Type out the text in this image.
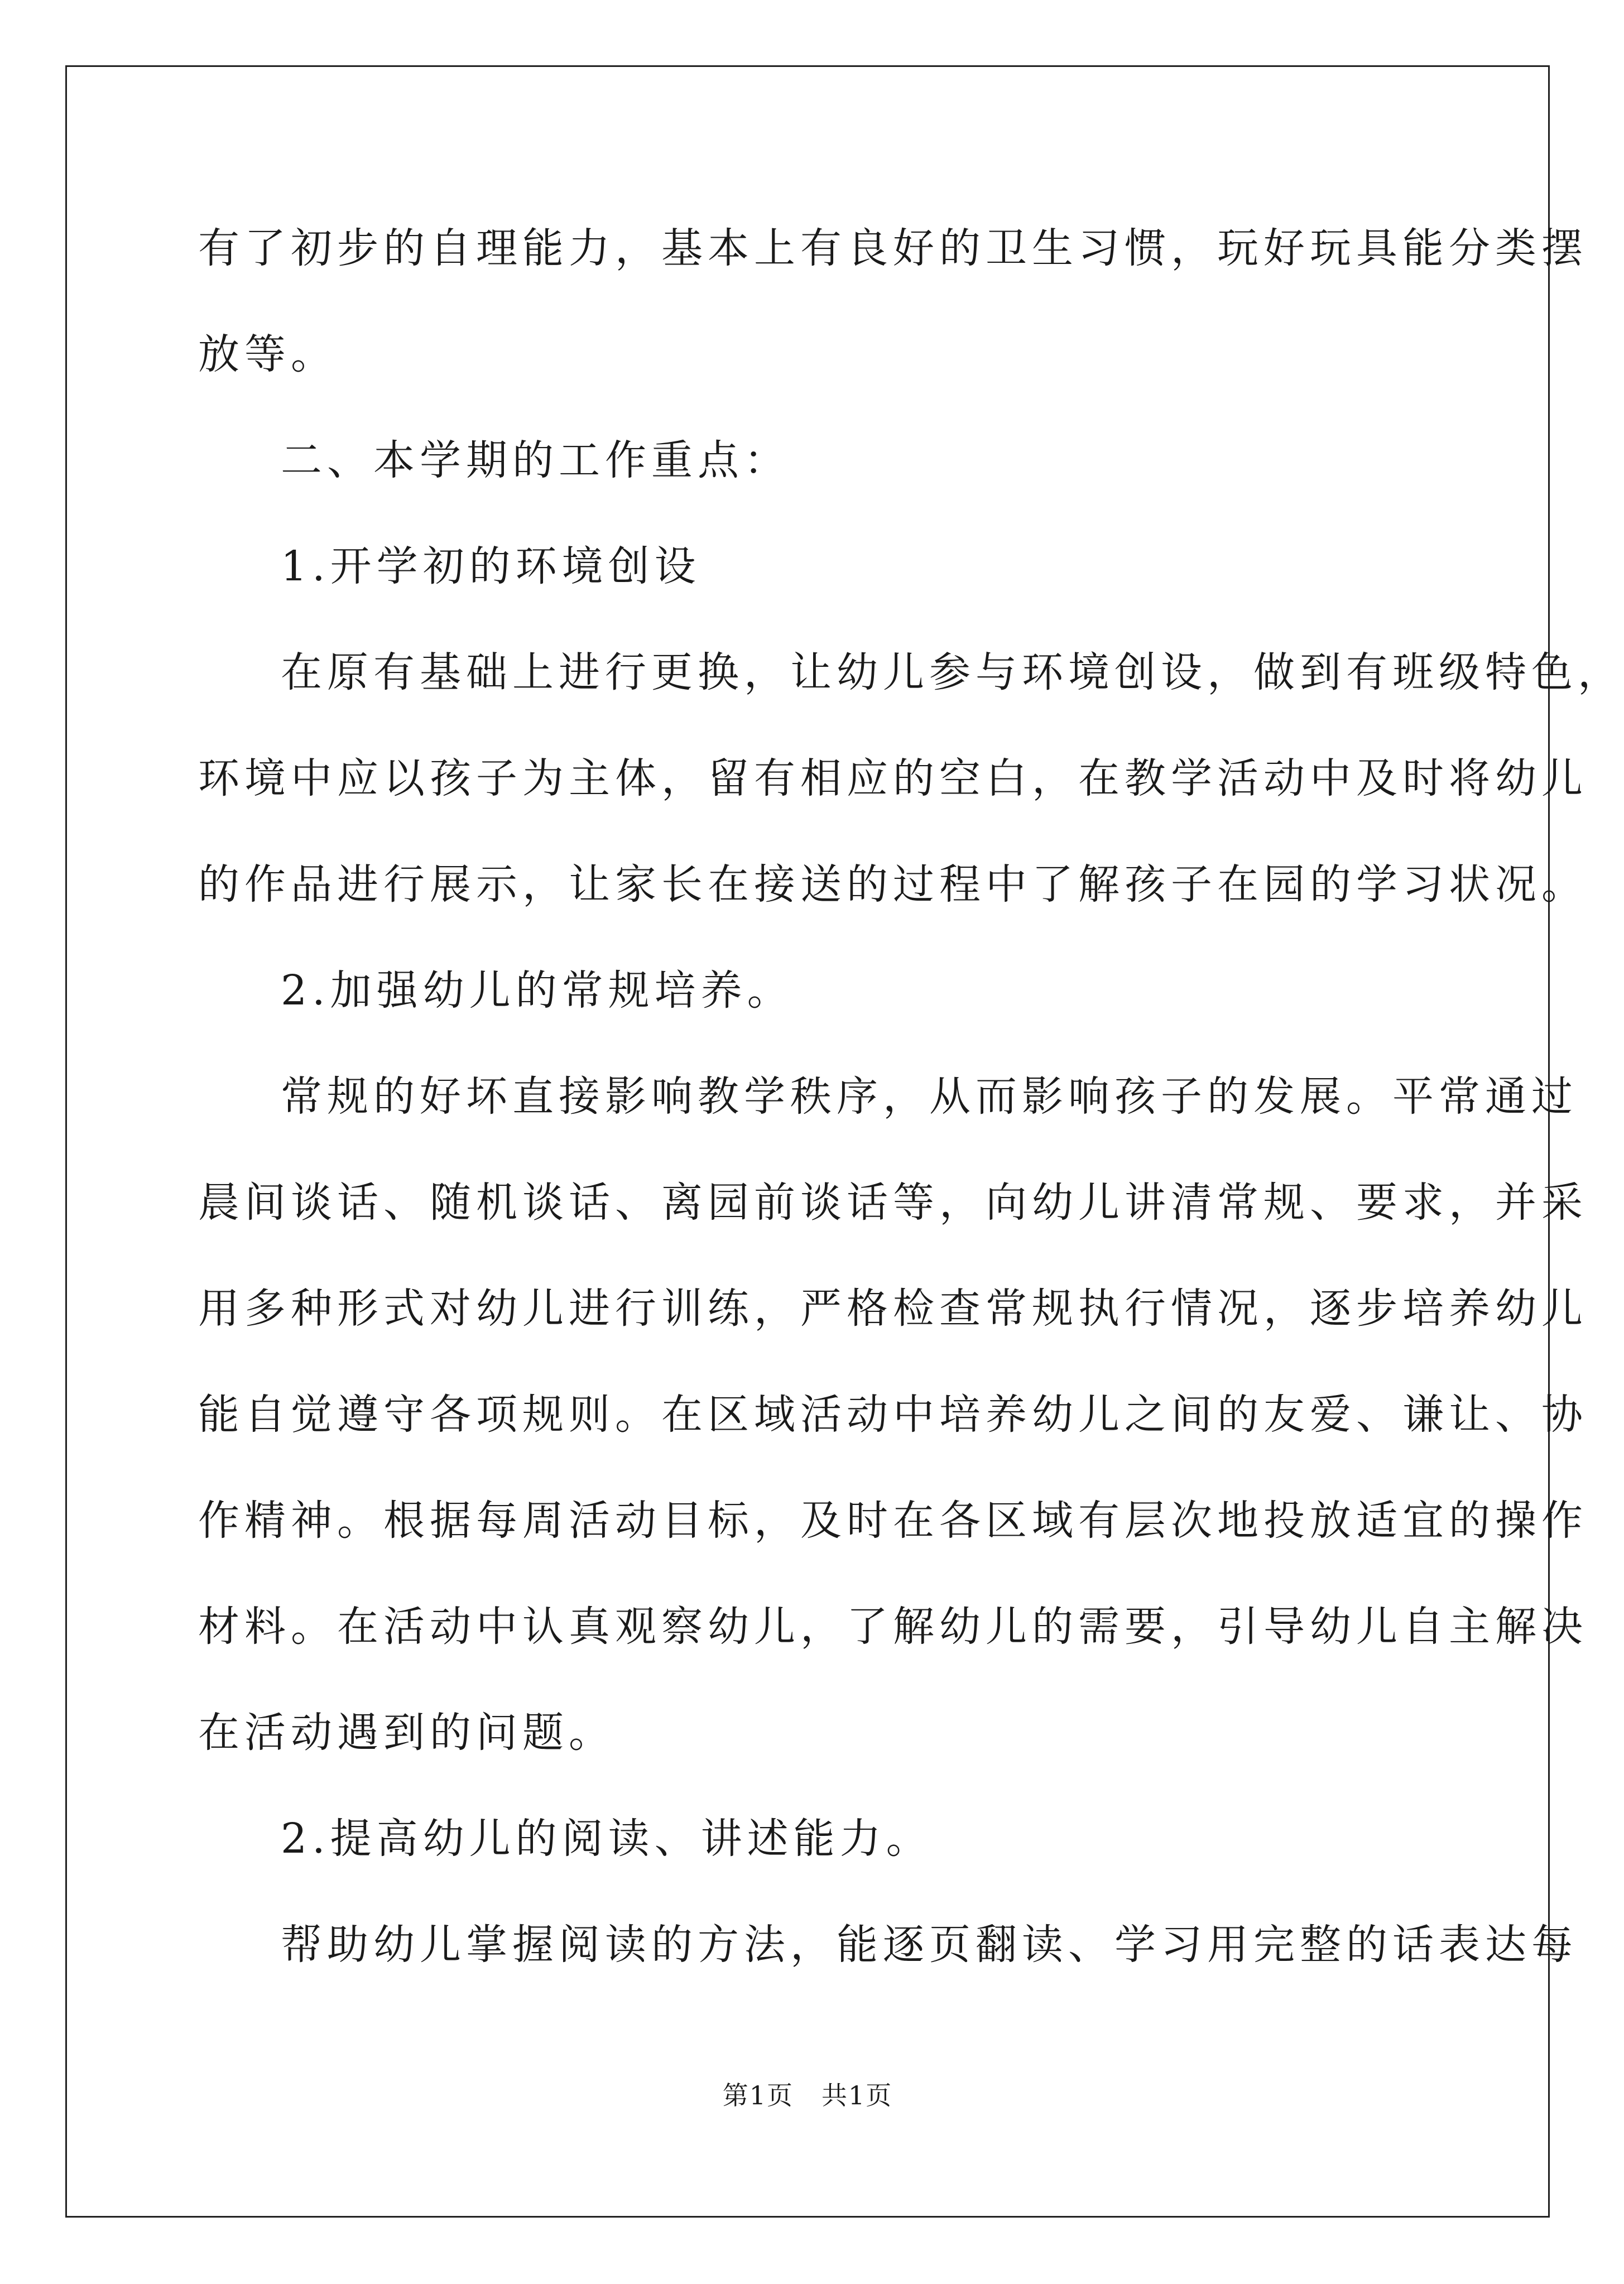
有了初步的自理能力，基本上有良好的卫生习惯，玩好玩具能分类摆
放等。
二、本学期的工作重点：
1.开学初的环境创设
在原有基础上进行更换，让幼儿参与环境创设，做到有班级特色，
环境中应以孩子为主体，留有相应的空白，在教学活动中及时将幼儿
的作品进行展示，让家长在接送的过程中了解孩子在园的学习状况。
2.加强幼儿的常规培养。
常规的好坏直接影响教学秩序，从而影响孩子的发展。平常通过
晨间谈话、随机谈话、离园前谈话等，向幼儿讲清常规、要求，并采
用多种形式对幼儿进行训练，严格检查常规执行情况，逐步培养幼儿
能自觉遵守各项规则。在区域活动中培养幼儿之间的友爱、谦让、协
作精神。根据每周活动目标，及时在各区域有层次地投放适宜的操作
材料。在活动中认真观察幼儿，了解幼儿的需要，引导幼儿自主解决
在活动遇到的问题。
2.提高幼儿的阅读、讲述能力。
帮助幼儿掌握阅读的方法，能逐页翻读、学习用完整的话表达每
第1页 共1页
